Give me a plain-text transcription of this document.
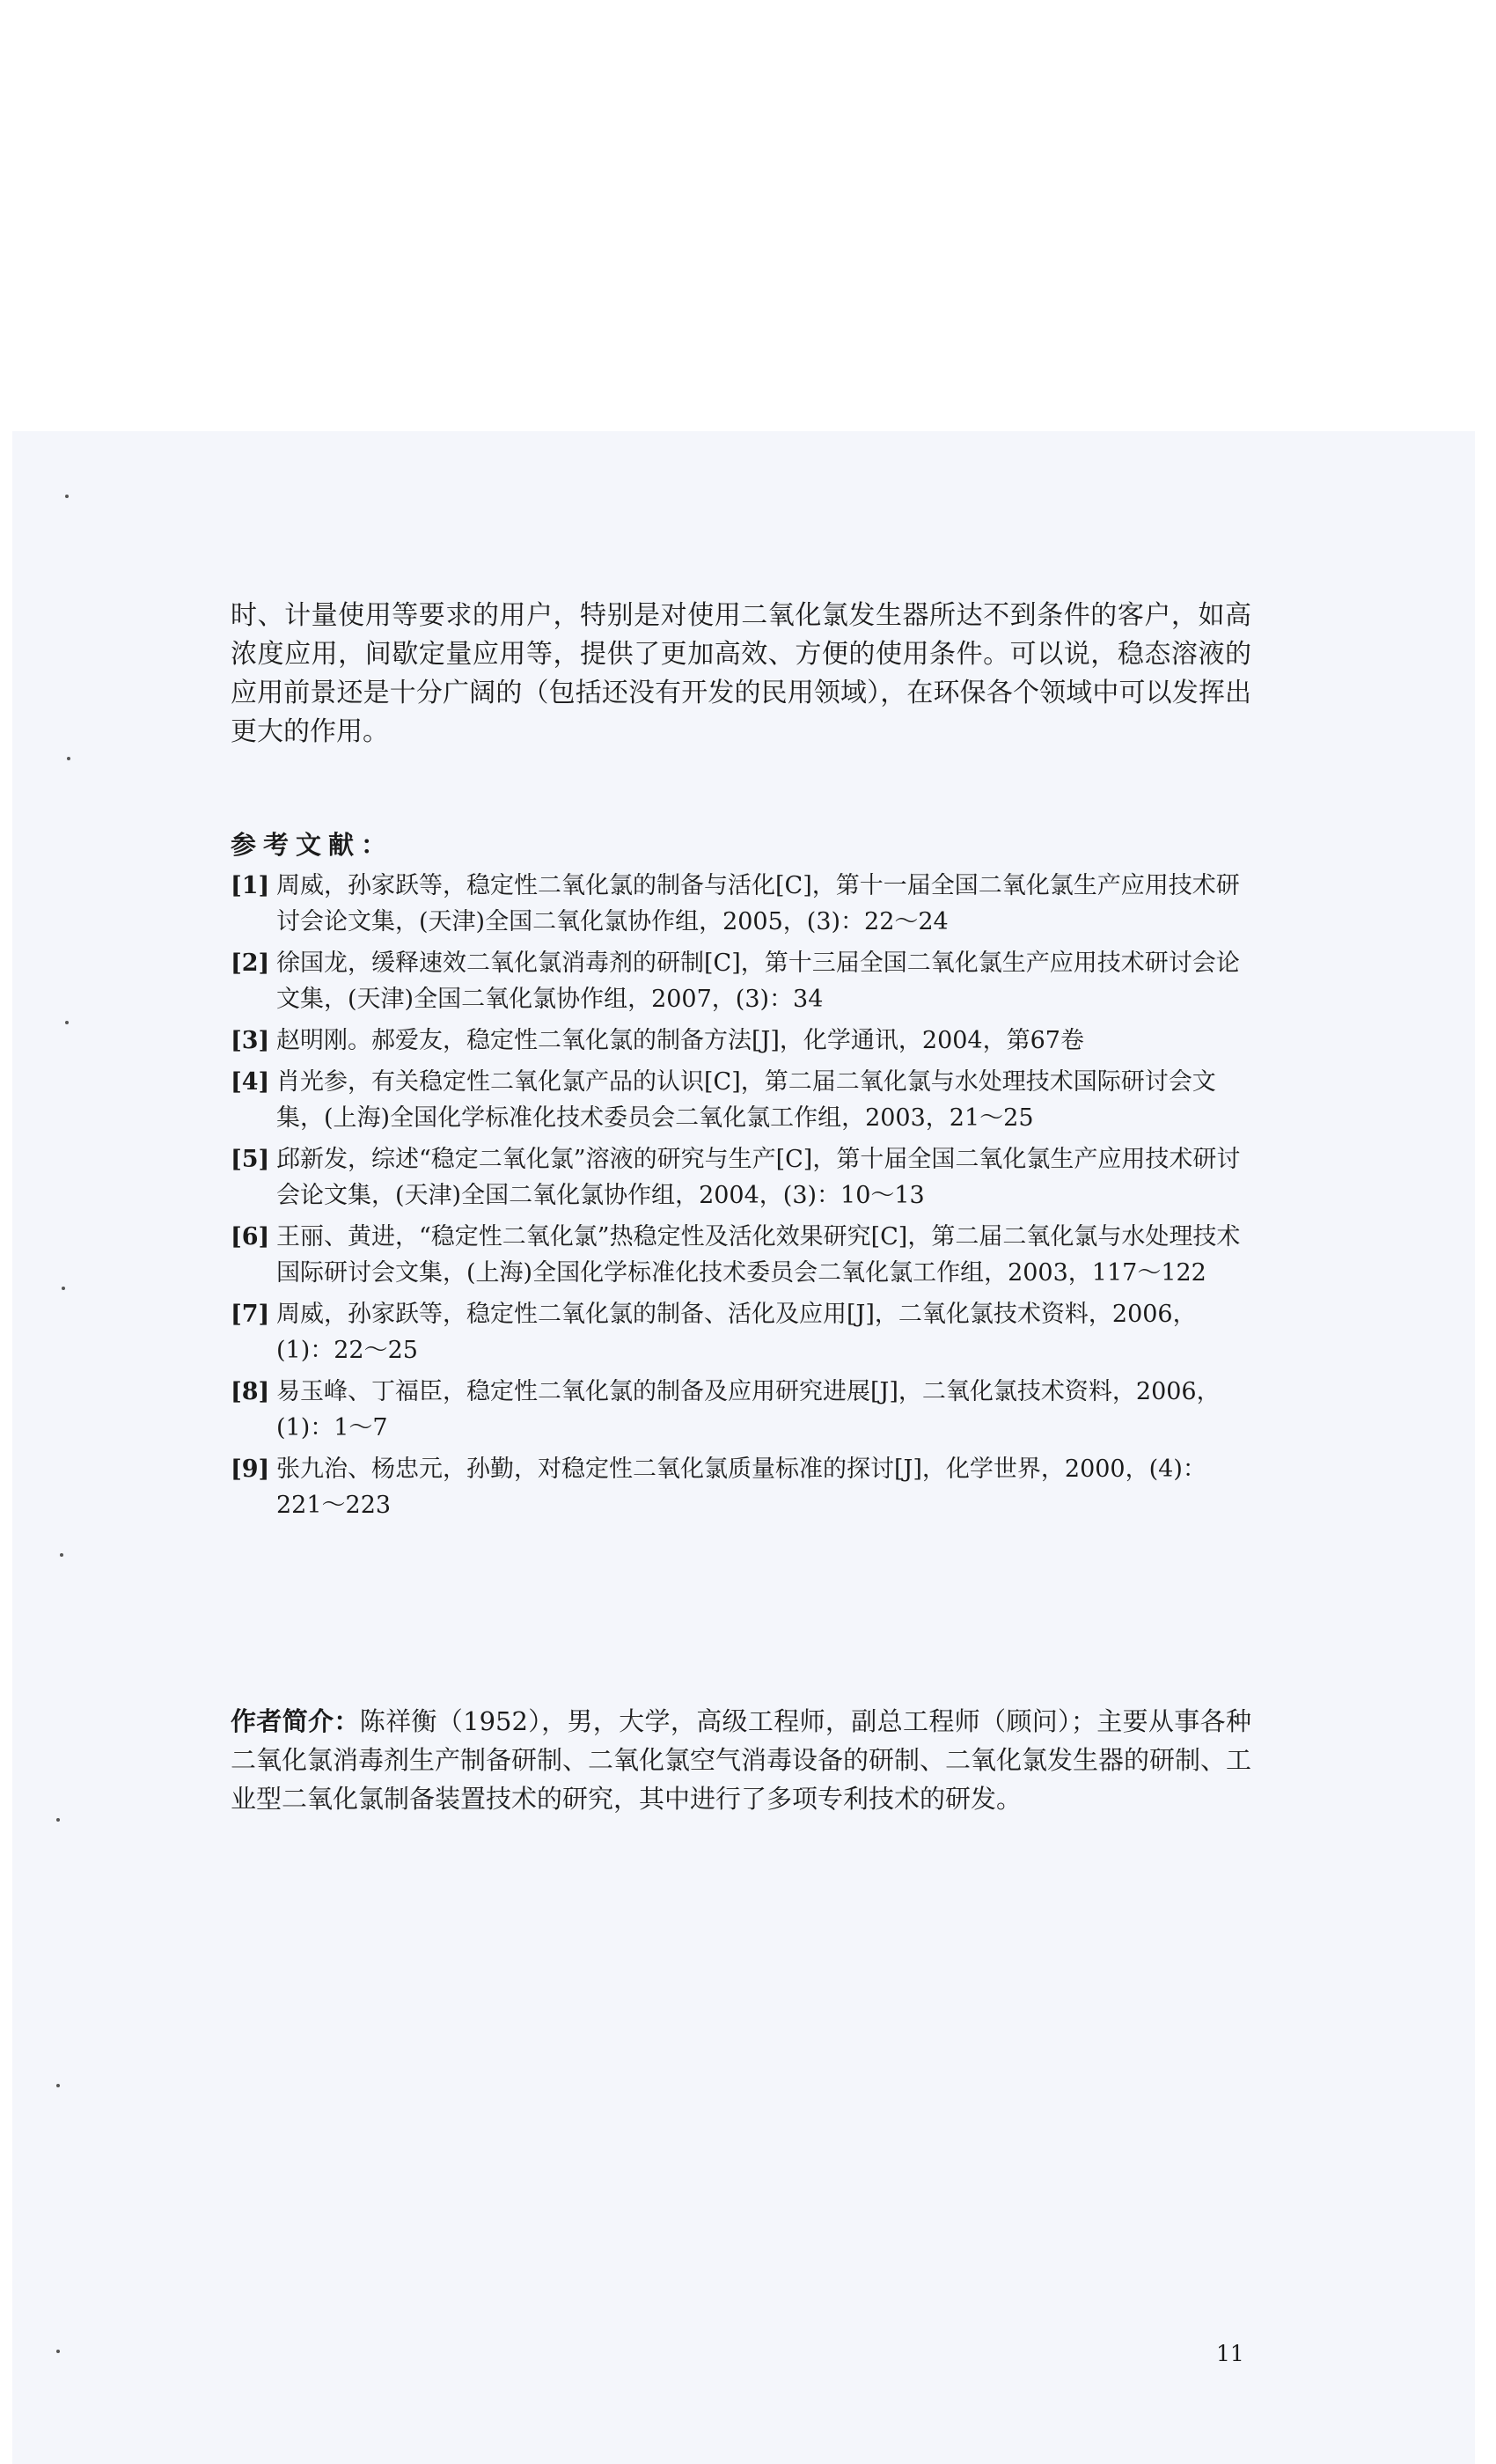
时、计量使用等要求的用户，特别是对使用二氧化氯发生器所达不到条件的客户，如高浓度应用，间歇定量应用等，提供了更加高效、方便的使用条件。可以说，稳态溶液的应用前景还是十分广阔的（包括还没有开发的民用领域），在环保各个领域中可以发挥出更大的作用。

参考文献：
[1] 周威，孙家跃等，稳定性二氧化氯的制备与活化[C]，第十一届全国二氧化氯生产应用技术研讨会论文集，(天津)全国二氧化氯协作组，2005，(3)：22～24
[2] 徐国龙，缓释速效二氧化氯消毒剂的研制[C]，第十三届全国二氧化氯生产应用技术研讨会论文集，(天津)全国二氧化氯协作组，2007，(3)：34
[3] 赵明刚。郝爱友，稳定性二氧化氯的制备方法[J]，化学通讯，2004，第67卷
[4] 肖光参，有关稳定性二氧化氯产品的认识[C]，第二届二氧化氯与水处理技术国际研讨会文集，(上海)全国化学标准化技术委员会二氧化氯工作组，2003，21～25
[5] 邱新发，综述“稳定二氧化氯”溶液的研究与生产[C]，第十届全国二氧化氯生产应用技术研讨会论文集，(天津)全国二氧化氯协作组，2004，(3)：10～13
[6] 王丽、黄进，“稳定性二氧化氯”热稳定性及活化效果研究[C]，第二届二氧化氯与水处理技术国际研讨会文集，(上海)全国化学标准化技术委员会二氧化氯工作组，2003，117～122
[7] 周威，孙家跃等，稳定性二氧化氯的制备、活化及应用[J]，二氧化氯技术资料，2006，(1)：22～25
[8] 易玉峰、丁福臣，稳定性二氧化氯的制备及应用研究进展[J]，二氧化氯技术资料，2006，(1)：1～7
[9] 张九治、杨忠元，孙勤，对稳定性二氧化氯质量标准的探讨[J]，化学世界，2000，(4)：221～223

作者简介：陈祥衡（1952），男，大学，高级工程师，副总工程师（顾问）；主要从事各种二氧化氯消毒剂生产制备研制、二氧化氯空气消毒设备的研制、二氧化氯发生器的研制、工业型二氧化氯制备装置技术的研究，其中进行了多项专利技术的研发。

11
